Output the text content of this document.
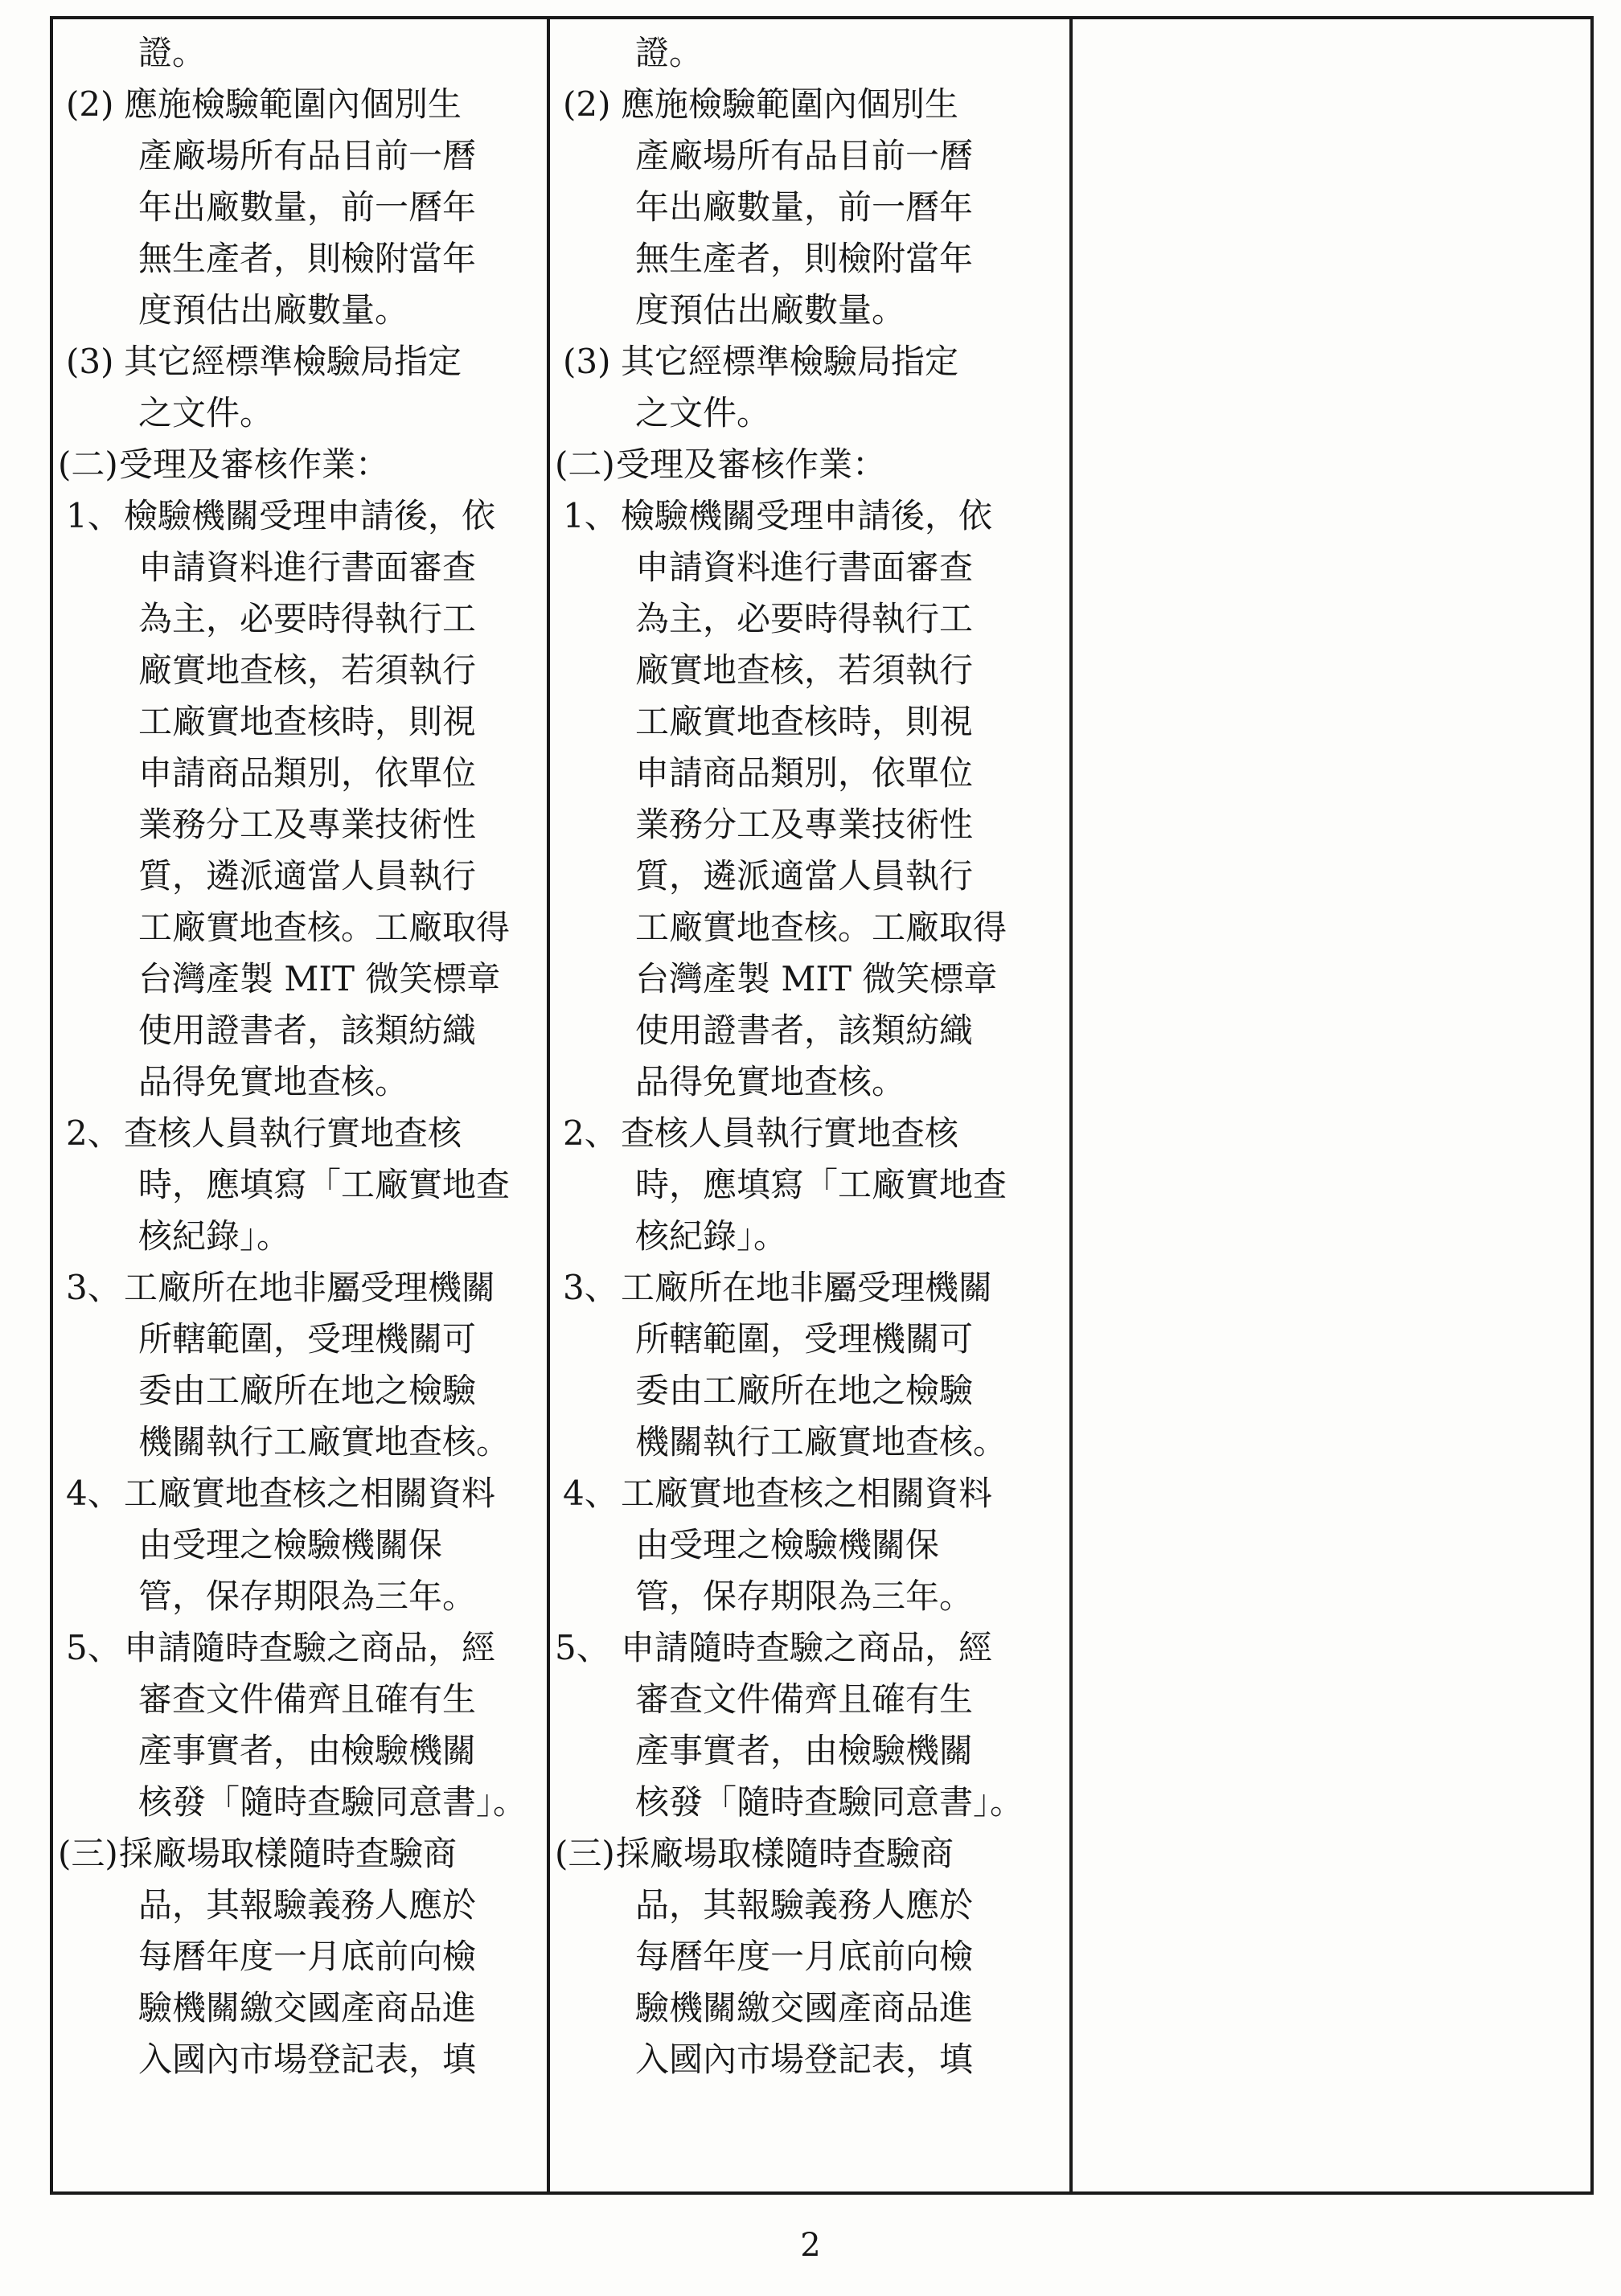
證。
(2) 應施檢驗範圍內個別生
產廠場所有品目前一曆
年出廠數量，前一曆年
無生產者，則檢附當年
度預估出廠數量。
(3) 其它經標準檢驗局指定
之文件。
(二) 受理及審核作業：
1、 檢驗機關受理申請後，依
申請資料進行書面審查
為主，必要時得執行工
廠實地查核，若須執行
工廠實地查核時，則視
申請商品類別，依單位
業務分工及專業技術性
質，遴派適當人員執行
工廠實地查核。工廠取得
台灣產製 MIT 微笑標章
使用證書者，該類紡織
品得免實地查核。
2、 查核人員執行實地查核
時，應填寫「工廠實地查
核紀錄」。
3、 工廠所在地非屬受理機關
所轄範圍，受理機關可
委由工廠所在地之檢驗
機關執行工廠實地查核。
4、 工廠實地查核之相關資料
由受理之檢驗機關保
管，保存期限為三年。
5、 申請隨時查驗之商品，經
審查文件備齊且確有生
產事實者，由檢驗機關
核發「隨時查驗同意書」。
(三) 採廠場取樣隨時查驗商
品，其報驗義務人應於
每曆年度一月底前向檢
驗機關繳交國產商品進
入國內市場登記表，填
證。
(2) 應施檢驗範圍內個別生
產廠場所有品目前一曆
年出廠數量，前一曆年
無生產者，則檢附當年
度預估出廠數量。
(3) 其它經標準檢驗局指定
之文件。
(二) 受理及審核作業：
1、 檢驗機關受理申請後，依
申請資料進行書面審查
為主，必要時得執行工
廠實地查核，若須執行
工廠實地查核時，則視
申請商品類別，依單位
業務分工及專業技術性
質，遴派適當人員執行
工廠實地查核。工廠取得
台灣產製 MIT 微笑標章
使用證書者，該類紡織
品得免實地查核。
2、 查核人員執行實地查核
時，應填寫「工廠實地查
核紀錄」。
3、 工廠所在地非屬受理機關
所轄範圍，受理機關可
委由工廠所在地之檢驗
機關執行工廠實地查核。
4、 工廠實地查核之相關資料
由受理之檢驗機關保
管，保存期限為三年。
5、 申請隨時查驗之商品，經
審查文件備齊且確有生
產事實者，由檢驗機關
核發「隨時查驗同意書」。
(三) 採廠場取樣隨時查驗商
品，其報驗義務人應於
每曆年度一月底前向檢
驗機關繳交國產商品進
入國內市場登記表，填
2
